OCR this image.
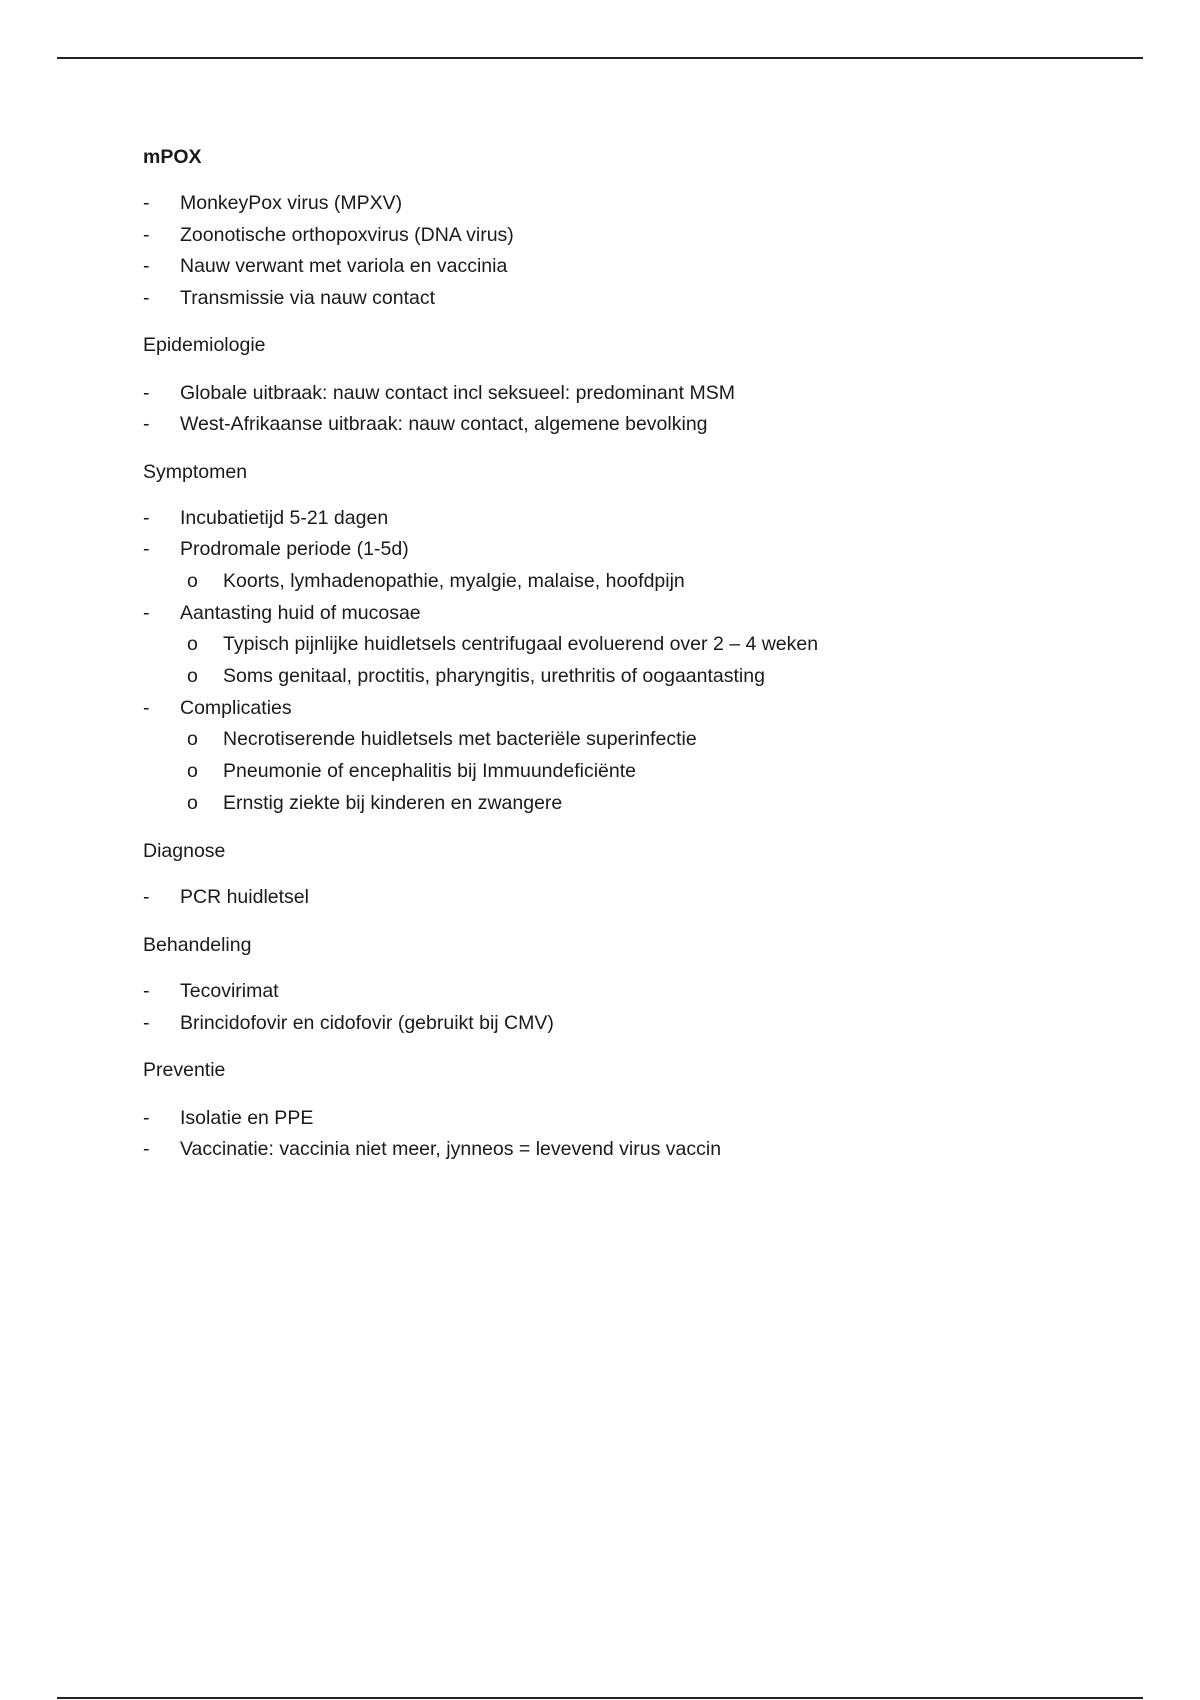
mPOX
- MonkeyPox virus (MPXV)
- Zoonotische orthopoxvirus (DNA virus)
- Nauw verwant met variola en vaccinia
- Transmissie via nauw contact
Epidemiologie
- Globale uitbraak: nauw contact incl seksueel: predominant MSM
- West-Afrikaanse uitbraak: nauw contact, algemene bevolking
Symptomen
- Incubatietijd 5-21 dagen
- Prodromale periode (1-5d)
o Koorts, lymhadenopathie, myalgie, malaise, hoofdpijn
- Aantasting huid of mucosae
o Typisch pijnlijke huidletsels centrifugaal evoluerend over 2 – 4 weken
o Soms genitaal, proctitis, pharyngitis, urethritis of oogaantasting
- Complicaties
o Necrotiserende huidletsels met bacteriële superinfectie
o Pneumonie of encephalitis bij Immuundeficiënte
o Ernstig ziekte bij kinderen en zwangere
Diagnose
- PCR huidletsel
Behandeling
- Tecovirimat
- Brincidofovir en cidofovir (gebruikt bij CMV)
Preventie
- Isolatie en PPE
- Vaccinatie: vaccinia niet meer, jynneos = levevend virus vaccin
